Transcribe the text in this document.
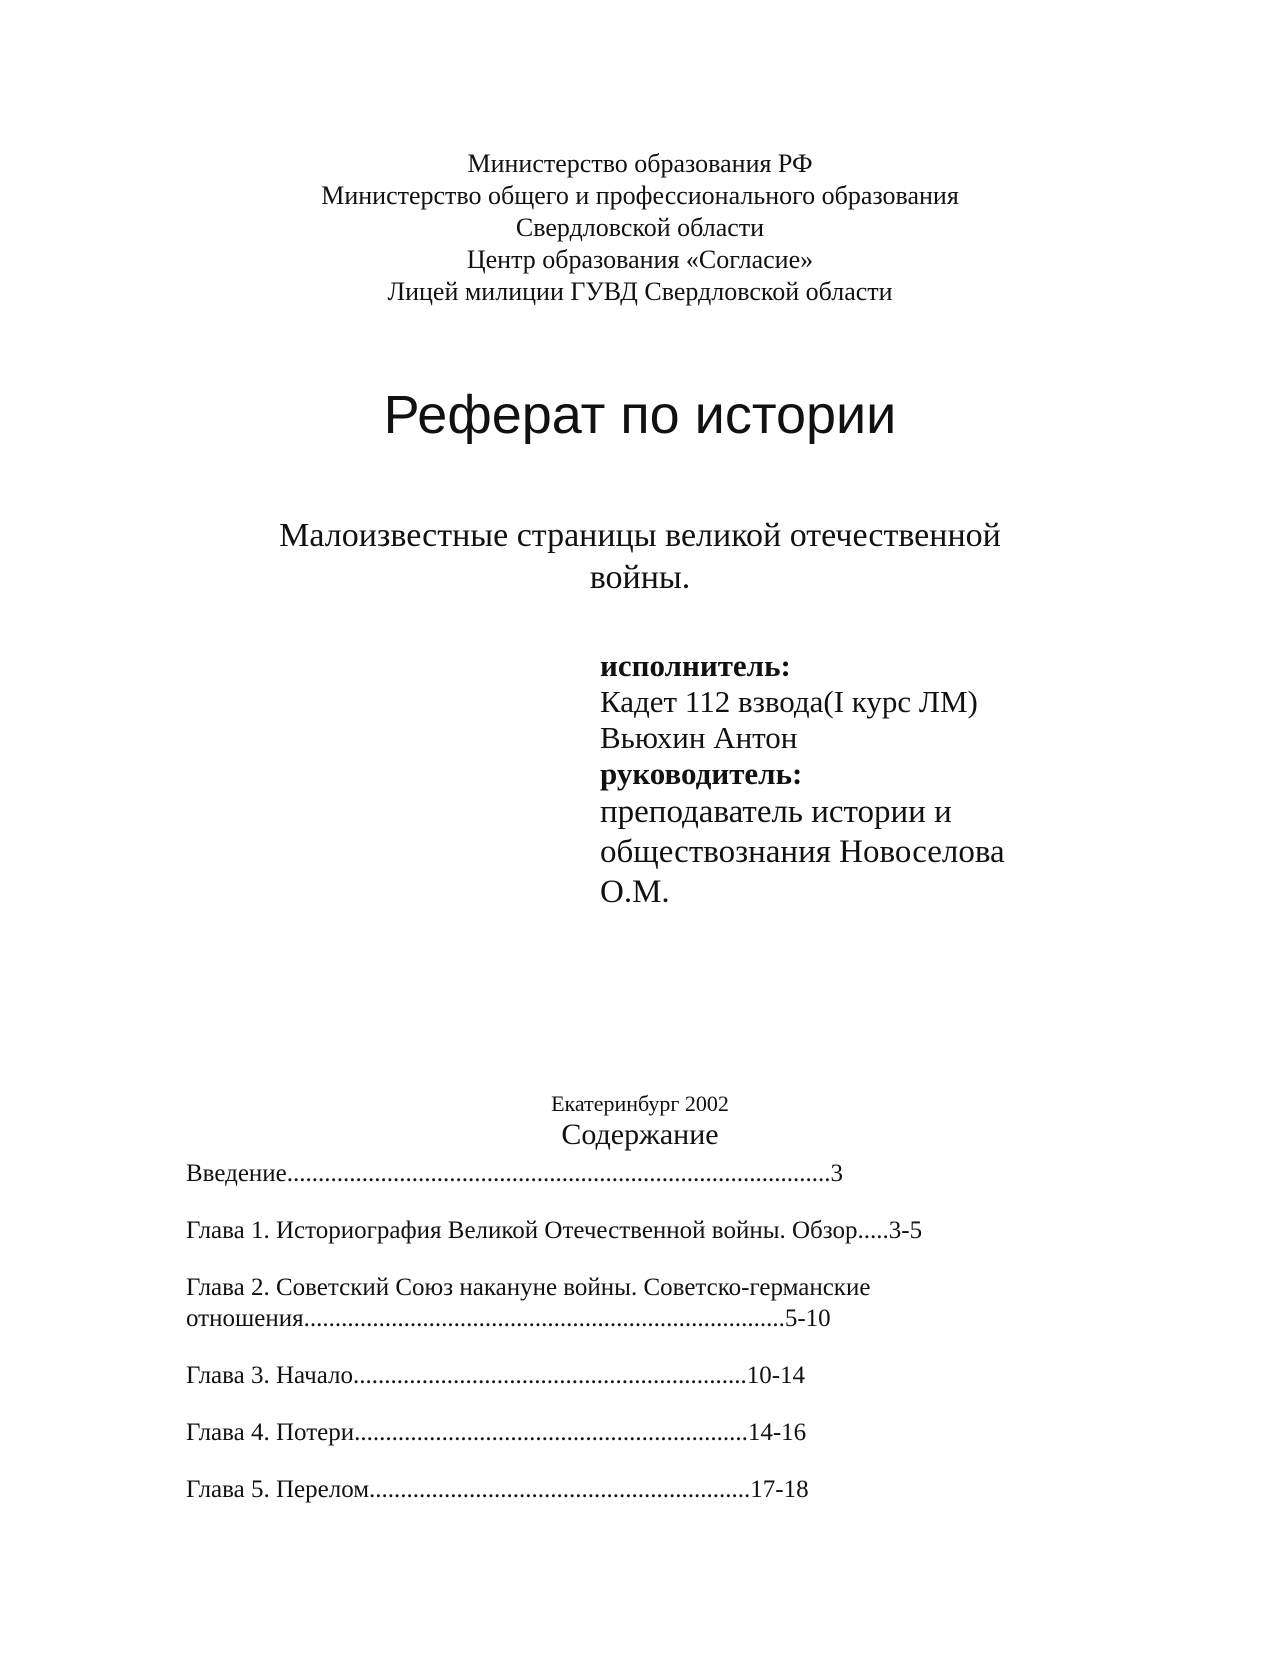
Министерство образования РФ
Министерство общего и профессионального образования
Свердловской области
Центр образования «Согласие»
Лицей милиции ГУВД Свердловской области
Реферат по истории
Малоизвестные страницы великой отечественной
войны.
исполнитель:
Кадет 112 взвода(I курс ЛМ)
Вьюхин Антон
руководитель:
преподаватель истории и
обществознания Новоселова
О.М.
Екатеринбург 2002
Содержание
Введение.......................................................................................3
Глава 1. Историография Великой Отечественной войны. Обзор.....3-5
Глава 2. Советский Союз накануне войны. Советско-германские
отношения.............................................................................5-10
Глава 3. Начало...............................................................10-14
Глава 4. Потери...............................................................14-16
Глава 5. Перелом.............................................................17-18
